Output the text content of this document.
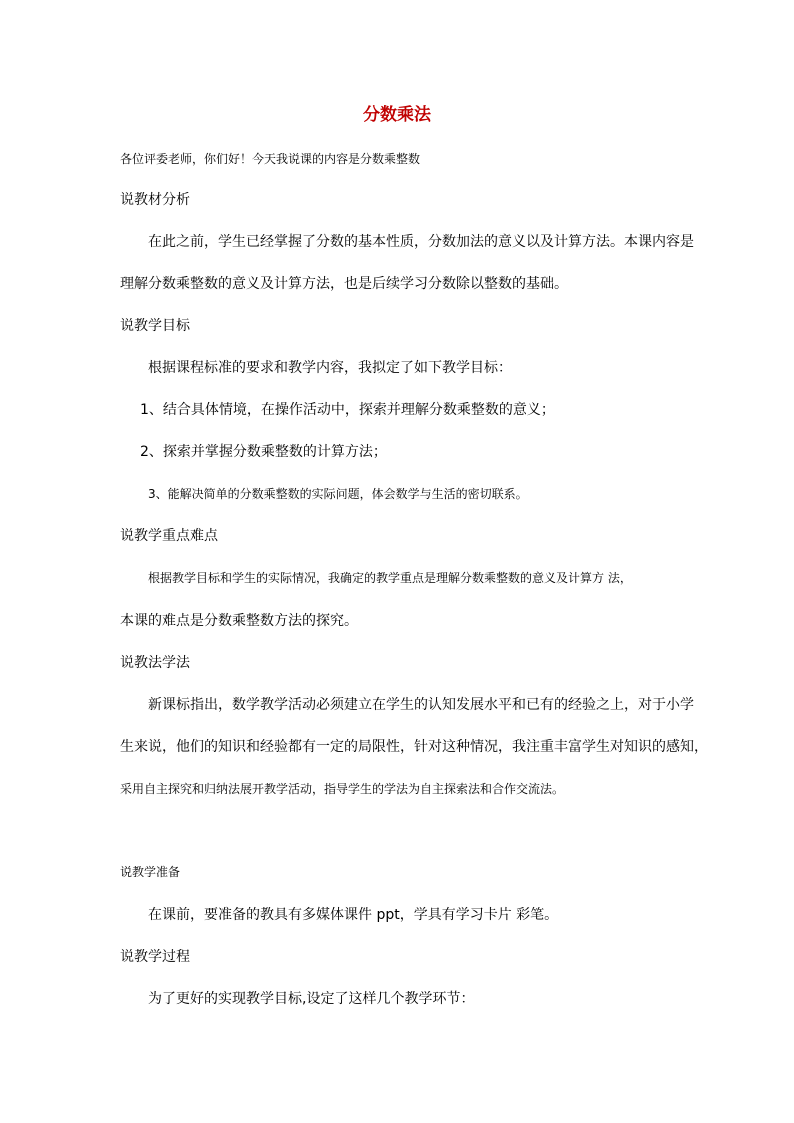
分数乘法
各位评委老师，你们好！今天我说课的内容是分数乘整数
说教材分析
在此之前，学生已经掌握了分数的基本性质，分数加法的意义以及计算方法。本课内容是
理解分数乘整数的意义及计算方法，也是后续学习分数除以整数的基础。
说教学目标
根据课程标准的要求和教学内容，我拟定了如下教学目标：
1、结合具体情境，在操作活动中，探索并理解分数乘整数的意义；
2、探索并掌握分数乘整数的计算方法；
3、能解决简单的分数乘整数的实际问题，体会数学与生活的密切联系。
说教学重点难点
根据教学目标和学生的实际情况，我确定的教学重点是理解分数乘整数的意义及计算方 法，
本课的难点是分数乘整数方法的探究。
说教法学法
新课标指出，数学教学活动必须建立在学生的认知发展水平和已有的经验之上，对于小学
生来说，他们的知识和经验都有一定的局限性，针对这种情况，我注重丰富学生对知识的感知，
采用自主探究和归纳法展开教学活动，指导学生的学法为自主探索法和合作交流法。
说教学准备
在课前，要准备的教具有多媒体课件 ppt，学具有学习卡片 彩笔。
说教学过程
为了更好的实现教学目标,设定了这样几个教学环节：
